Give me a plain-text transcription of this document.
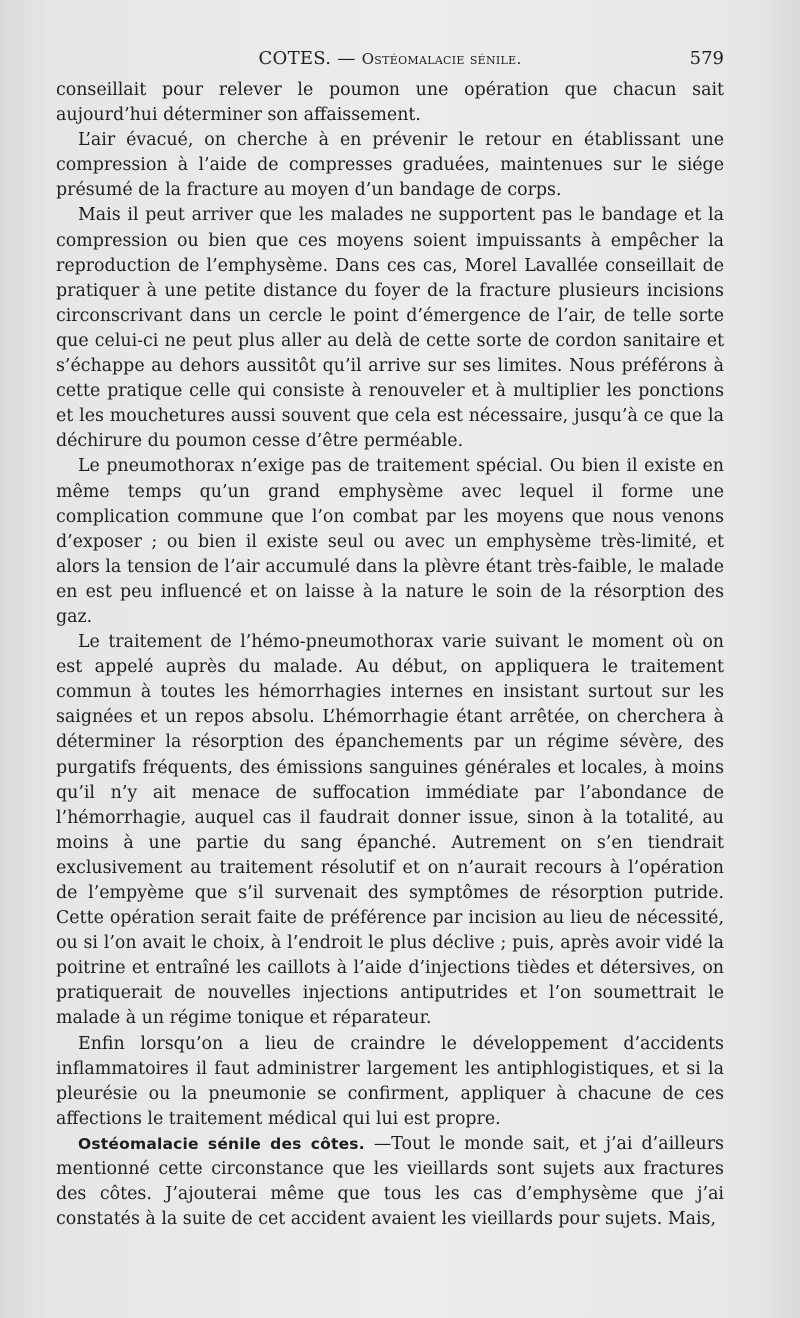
COTES. — Ostéomalacie sénile.	579

conseillait pour relever le poumon une opération que chacun sait aujourd’hui déterminer son affaissement.

L’air évacué, on cherche à en prévenir le retour en établissant une compression à l’aide de compresses graduées, maintenues sur le siége présumé de la fracture au moyen d’un bandage de corps.

Mais il peut arriver que les malades ne supportent pas le bandage et la compression ou bien que ces moyens soient impuissants à empêcher la reproduction de l’emphysème. Dans ces cas, Morel Lavallée conseillait de pratiquer à une petite distance du foyer de la fracture plusieurs incisions circonscrivant dans un cercle le point d’émergence de l’air, de telle sorte que celui-ci ne peut plus aller au delà de cette sorte de cordon sanitaire et s’échappe au dehors aussitôt qu’il arrive sur ses limites. Nous préférons à cette pratique celle qui consiste à renouveler et à multiplier les ponctions et les mouchetures aussi souvent que cela est nécessaire, jusqu’à ce que la déchirure du poumon cesse d’être perméable.

Le pneumothorax n’exige pas de traitement spécial. Ou bien il existe en même temps qu’un grand emphysème avec lequel il forme une complication commune que l’on combat par les moyens que nous venons d’exposer ; ou bien il existe seul ou avec un emphysème très-limité, et alors la tension de l’air accumulé dans la plèvre étant très-faible, le malade en est peu influencé et on laisse à la nature le soin de la résorption des gaz.

Le traitement de l’hémo-pneumothorax varie suivant le moment où on est appelé auprès du malade. Au début, on appliquera le traitement commun à toutes les hémorrhagies internes en insistant surtout sur les saignées et un repos absolu. L’hémorrhagie étant arrêtée, on cherchera à déterminer la résorption des épanchements par un régime sévère, des purgatifs fréquents, des émissions sanguines générales et locales, à moins qu’il n’y ait menace de suffocation immédiate par l’abondance de l’hémorrhagie, auquel cas il faudrait donner issue, sinon à la totalité, au moins à une partie du sang épanché. Autrement on s’en tiendrait exclusivement au traitement résolutif et on n’aurait recours à l’opération de l’empyème que s’il survenait des symptômes de résorption putride. Cette opération serait faite de préférence par incision au lieu de nécessité, ou si l’on avait le choix, à l’endroit le plus déclive ; puis, après avoir vidé la poitrine et entraîné les caillots à l’aide d’injections tièdes et détersives, on pratiquerait de nouvelles injections antiputrides et l’on soumettrait le malade à un régime tonique et réparateur.

Enfin lorsqu’on a lieu de craindre le développement d’accidents inflammatoires il faut administrer largement les antiphlogistiques, et si la pleurésie ou la pneumonie se confirment, appliquer à chacune de ces affections le traitement médical qui lui est propre.

Ostéomalacie sénile des côtes. —Tout le monde sait, et j’ai d’ailleurs mentionné cette circonstance que les vieillards sont sujets aux fractures des côtes. J’ajouterai même que tous les cas d’emphysème que j’ai constatés à la suite de cet accident avaient les vieillards pour sujets. Mais,
